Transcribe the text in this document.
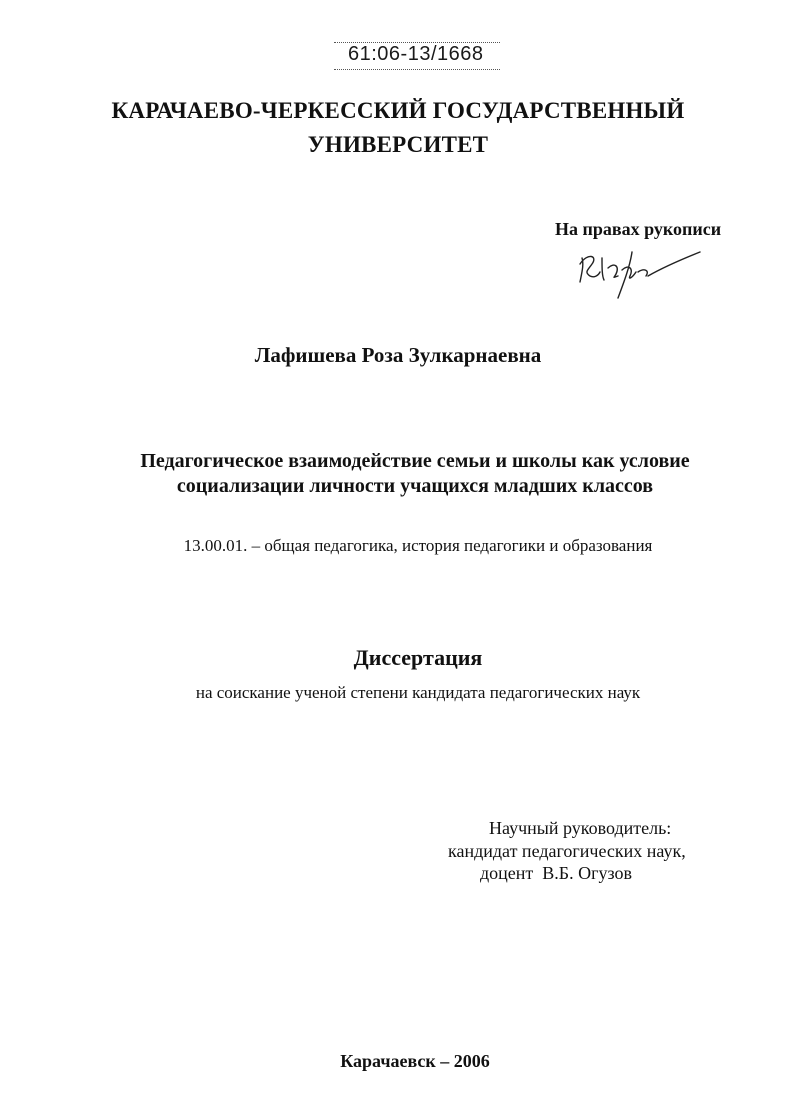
61:06-13/1668
КАРАЧАЕВО-ЧЕРКЕССКИЙ ГОСУДАРСТВЕННЫЙ
УНИВЕРСИТЕТ
На правах рукописи
Лафишева Роза Зулкарнаевна
Педагогическое взаимодействие семьи и школы как условие
социализации личности учащихся младших классов
13.00.01. – общая педагогика, история педагогики и образования
Диссертация
на соискание ученой степени кандидата педагогических наук
Научный руководитель:
кандидат педагогических наук,
доцент  В.Б. Огузов
Карачаевск – 2006
